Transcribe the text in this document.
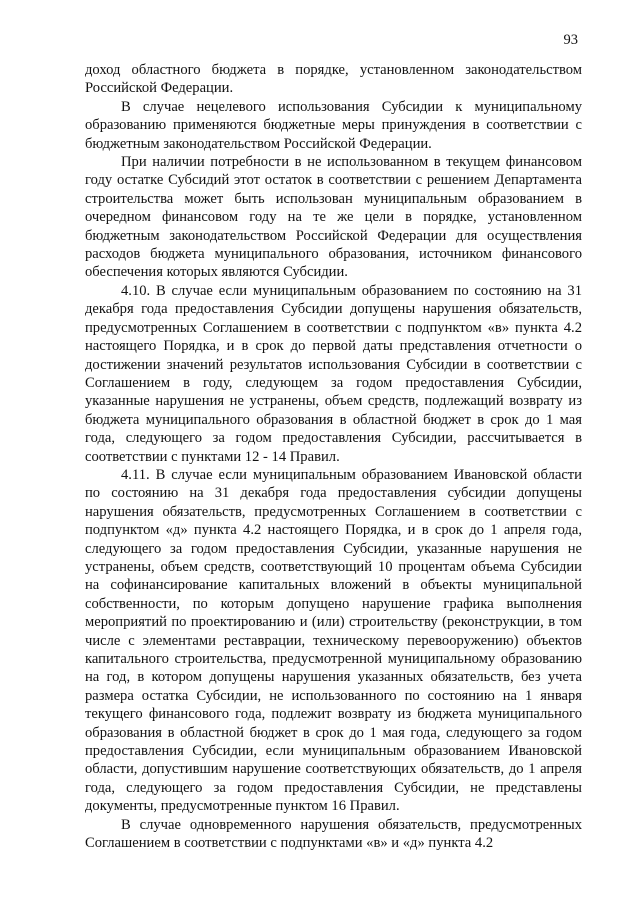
93

доход областного бюджета в порядке, установленном законодательством Российской Федерации.

В случае нецелевого использования Субсидии к муниципальному образованию применяются бюджетные меры принуждения в соответствии с бюджетным законодательством Российской Федерации.

При наличии потребности в не использованном в текущем финансовом году остатке Субсидий этот остаток в соответствии с решением Департамента строительства может быть использован муниципальным образованием в очередном финансовом году на те же цели в порядке, установленном бюджетным законодательством Российской Федерации для осуществления расходов бюджета муниципального образования, источником финансового обеспечения которых являются Субсидии.

4.10. В случае если муниципальным образованием по состоянию на 31 декабря года предоставления Субсидии допущены нарушения обязательств, предусмотренных Соглашением в соответствии с подпунктом «в» пункта 4.2 настоящего Порядка, и в срок до первой даты представления отчетности о достижении значений результатов использования Субсидии в соответствии с Соглашением в году, следующем за годом предоставления Субсидии, указанные нарушения не устранены, объем средств, подлежащий возврату из бюджета муниципального образования в областной бюджет в срок до 1 мая года, следующего за годом предоставления Субсидии, рассчитывается в соответствии с пунктами 12 - 14 Правил.

4.11. В случае если муниципальным образованием Ивановской области по состоянию на 31 декабря года предоставления субсидии допущены нарушения обязательств, предусмотренных Соглашением в соответствии с подпунктом «д» пункта 4.2 настоящего Порядка, и в срок до 1 апреля года, следующего за годом предоставления Субсидии, указанные нарушения не устранены, объем средств, соответствующий 10 процентам объема Субсидии на софинансирование капитальных вложений в объекты муниципальной собственности, по которым допущено нарушение графика выполнения мероприятий по проектированию и (или) строительству (реконструкции, в том числе с элементами реставрации, техническому перевооружению) объектов капитального строительства, предусмотренной муниципальному образованию на год, в котором допущены нарушения указанных обязательств, без учета размера остатка Субсидии, не использованного по состоянию на 1 января текущего финансового года, подлежит возврату из бюджета муниципального образования в областной бюджет в срок до 1 мая года, следующего за годом предоставления Субсидии, если муниципальным образованием Ивановской области, допустившим нарушение соответствующих обязательств, до 1 апреля года, следующего за годом предоставления Субсидии, не представлены документы, предусмотренные пунктом 16 Правил.

В случае одновременного нарушения обязательств, предусмотренных Соглашением в соответствии с подпунктами «в» и «д» пункта 4.2
